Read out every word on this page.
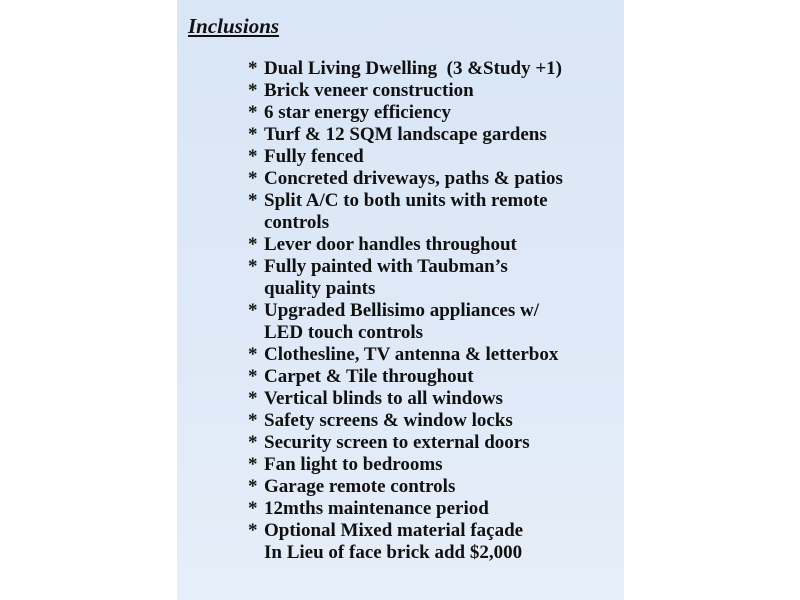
Inclusions
* Dual Living Dwelling  (3 &Study +1)
* Brick veneer construction
* 6 star energy efficiency
* Turf & 12 SQM landscape gardens
* Fully fenced
* Concreted driveways, paths & patios
* Split A/C to both units with remote
controls
* Lever door handles throughout
* Fully painted with Taubman’s
quality paints
* Upgraded Bellisimo appliances w/
LED touch controls
* Clothesline, TV antenna & letterbox
* Carpet & Tile throughout
* Vertical blinds to all windows
* Safety screens & window locks
* Security screen to external doors
* Fan light to bedrooms
* Garage remote controls
* 12mths maintenance period
* Optional Mixed material façade
In Lieu of face brick add $2,000
